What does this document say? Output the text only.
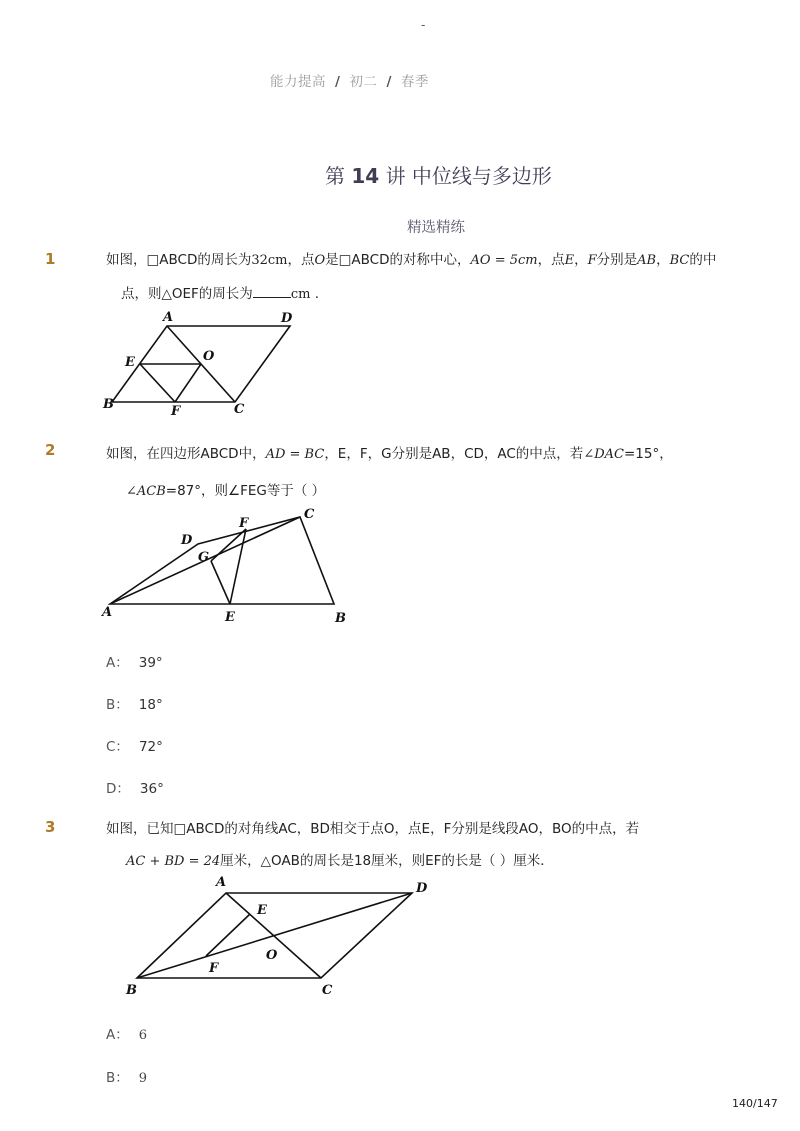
-
能力提高 / 初二 / 春季
第 14 讲 中位线与多边形
精选精练
1	如图，□ABCD的周长为32cm，点O是□ABCD的对称中心，AO = 5cm，点E，F分别是AB，BC的中
点，则△OEF的周长为	cm .
A	D
E	O
B	F	C
2	如图，在四边形ABCD中，AD = BC，E，F，G分别是AB，CD，AC的中点，若∠DAC=15°，
∠ACB=87°，则∠FEG等于（ ）
C
F
D
G
A	E	B
A： 39°
B： 18°
C： 72°
D： 36°
3	如图，已知□ABCD的对角线AC，BD相交于点O，点E，F分别是线段AO，BO的中点，若
AC + BD = 24厘米，△OAB的周长是18厘米，则EF的长是（ ）厘米．
A	D
E
O
F
B	C
A： 6
B： 9
140/147
